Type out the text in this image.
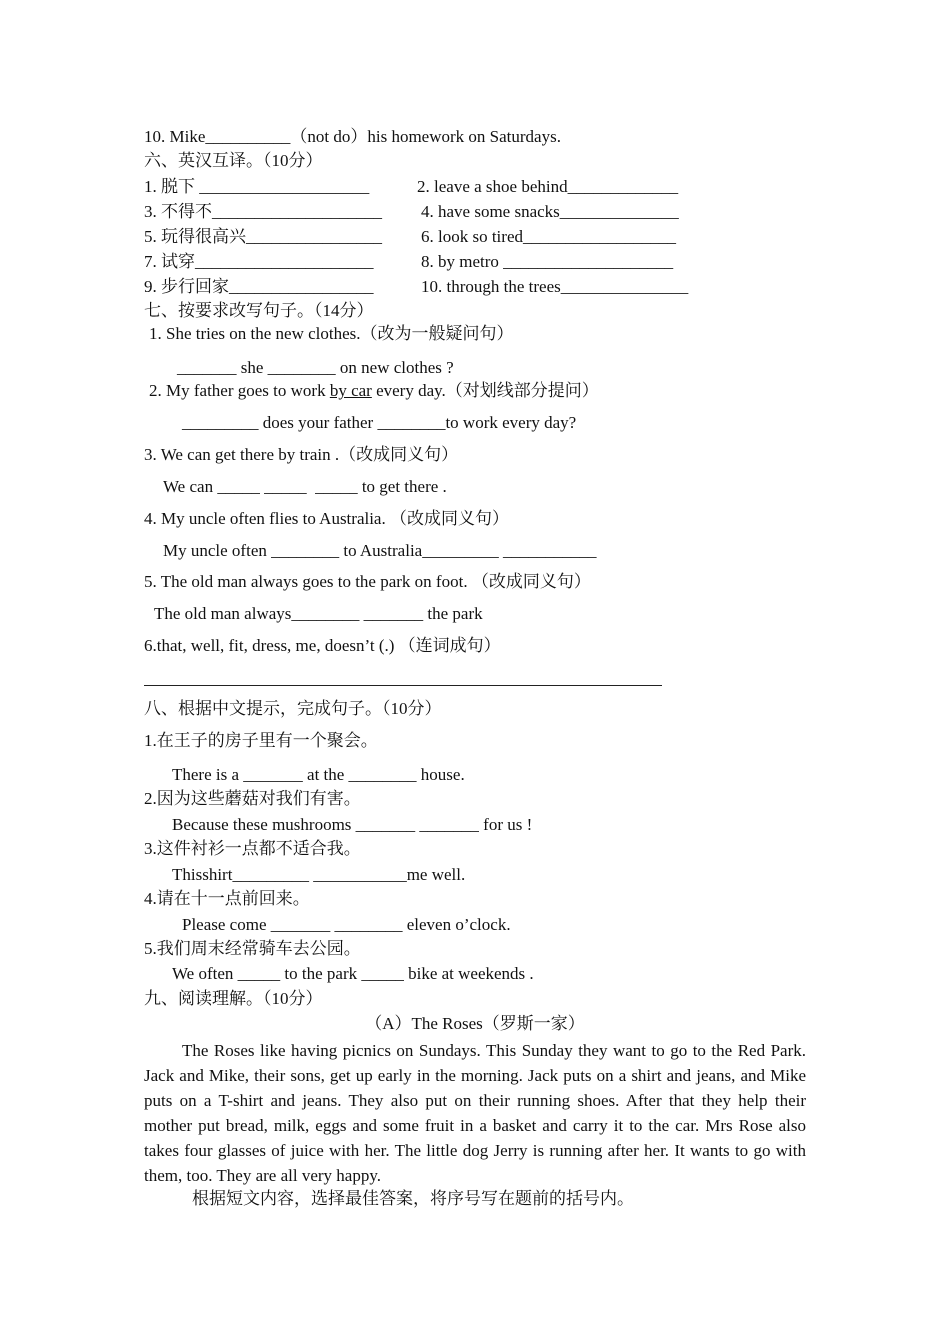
10. Mike__________（not do）his homework on Saturdays.
六、英汉互译。（10分）
1. 脱下 ____________________	2. leave a shoe behind_____________
3. 不得不____________________ 4. have some snacks______________
5. 玩得很高兴________________ 6. look so tired__________________
7. 试穿_____________________	8. by metro ____________________
9. 步行回家_________________	10. through the trees_______________
七、按要求改写句子。（14分）
1. She tries on the new clothes.（改为一般疑问句）
_______ she ________ on new clothes ?
2. My father goes to work by car every day.（对划线部分提问）
_________ does your father ________to work every day?
3. We can get there by train .（改成同义句）
We can _____ _____  _____ to get there .
4. My uncle often flies to Australia. （改成同义句）
My uncle often ________ to Australia_________ ___________
5. The old man always goes to the park on foot. （改成同义句）
The old man always________ _______ the park
6.that, well, fit, dress, me, doesn’t (.) （连词成句）
八、根据中文提示，完成句子。（10分）
1.在王子的房子里有一个聚会。
There is a _______ at the ________ house.
2.因为这些蘑菇对我们有害。
Because these mushrooms _______ _______ for us !
3.这件衬衫一点都不适合我。
Thisshirt_________ ___________me well.
4.请在十一点前回来。
Please come _______ ________ eleven o’clock.
5.我们周末经常骑车去公园。
We often _____ to the park _____ bike at weekends .
九、阅读理解。（10分）
（A）The Roses（罗斯一家）
The Roses like having picnics on Sundays. This Sunday they want to go to the Red Park. Jack and Mike, their sons, get up early in the morning. Jack puts on a shirt and jeans, and Mike puts on a T-shirt and jeans. They also put on their running shoes. After that they help their mother put bread, milk, eggs and some fruit in a basket and carry it to the car. Mrs Rose also takes four glasses of juice with her. The little dog Jerry is running after her. It wants to go with them, too. They are all very happy.
根据短文内容，选择最佳答案，将序号写在题前的括号内。
